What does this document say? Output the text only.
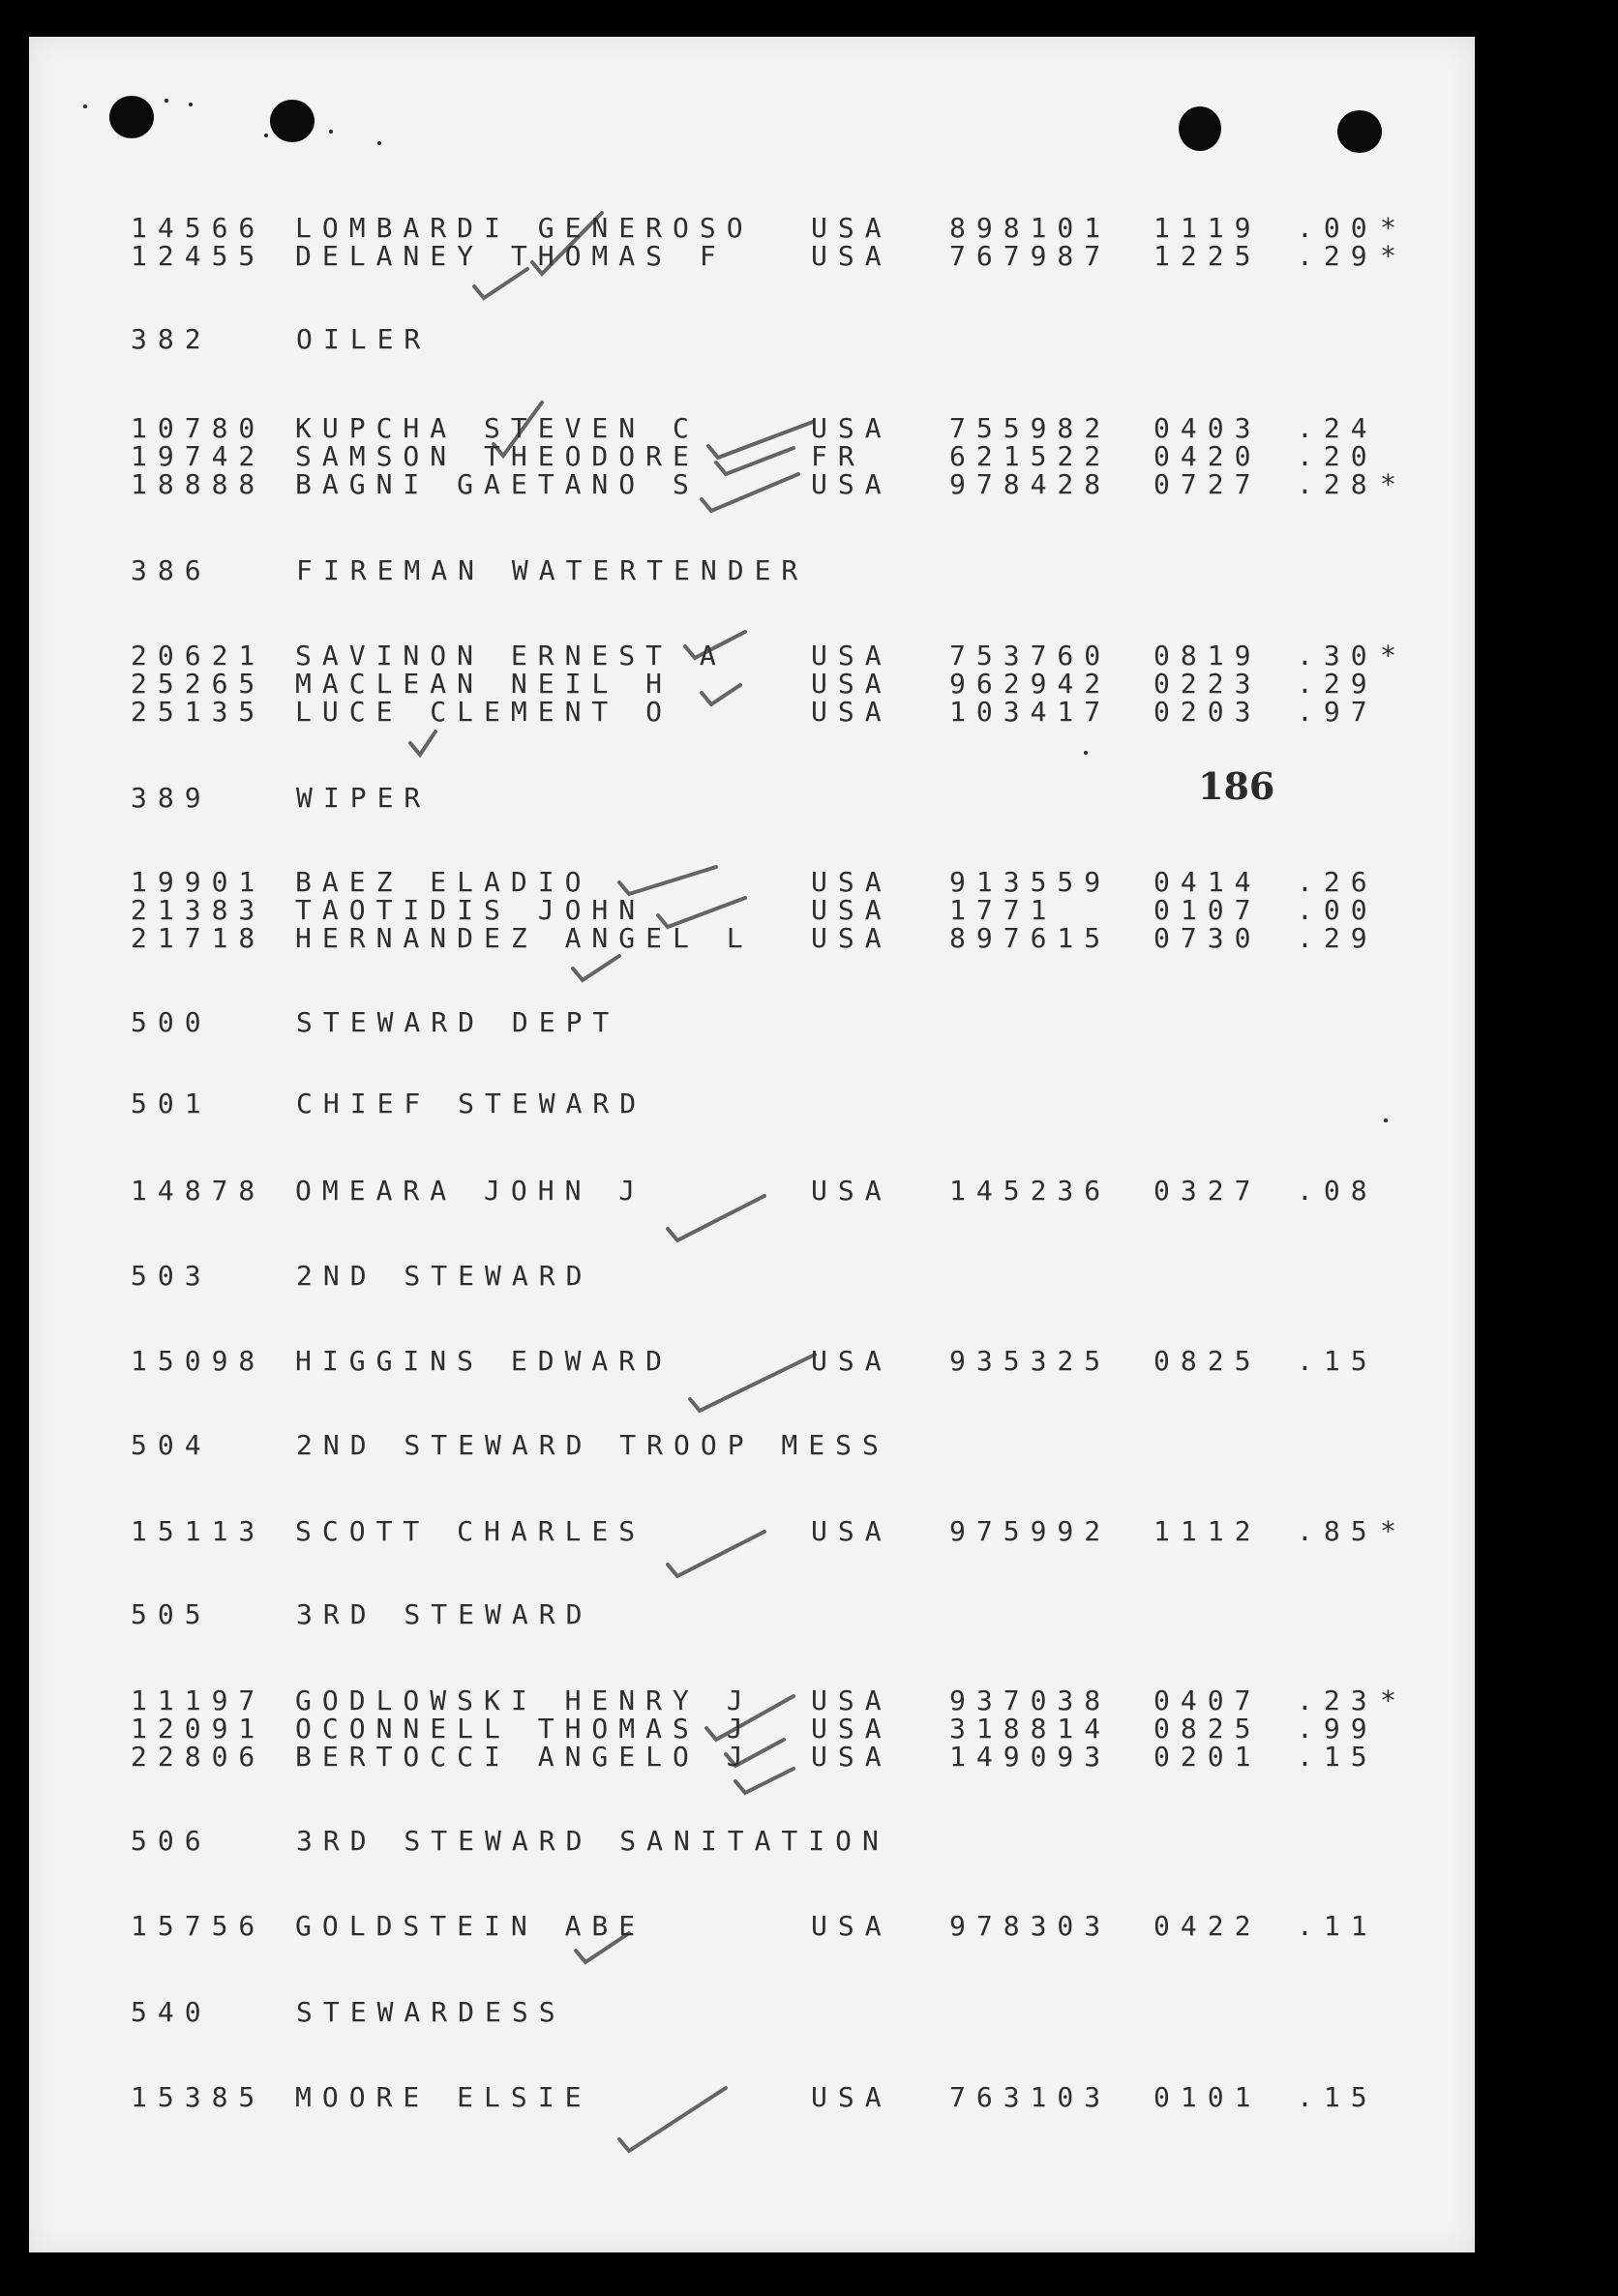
14566 LOMBARDI GENEROSO USA 898101 1119 .00 *
12455 DELANEY THOMAS F	USA 767987 1225 .29 *
382	OILER
10780 KUPCHA STEVEN C	USA 755982 0403 .24
19742 SAMSON THEODORE	FR	621522 0420 .20
18888 BAGNI GAETANO S	USA 978428 0727 .28 *
386	FIREMAN WATERTENDER
20621 SAVINON ERNEST A	USA 753760 0819 .30 *
25265 MACLEAN NEIL H	USA 962942 0223 .29
25135 LUCE CLEMENT O	USA 103417 0203 .97
389	WIPER
19901 BAEZ ELADIO	USA 913559 0414 .26
21383 TAOTIDIS JOHN	USA 1771	0107 .00
21718 HERNANDEZ ANGEL L USA 897615 0730 .29
500	STEWARD DEPT
501	CHIEF STEWARD
14878 OMEARA JOHN J	USA 145236 0327 .08
503	2ND STEWARD
15098 HIGGINS EDWARD	USA 935325 0825 .15
504	2ND STEWARD TROOP MESS
15113 SCOTT CHARLES	USA 975992 1112 .85 *
505	3RD STEWARD
11197 GODLOWSKI HENRY J USA 937038 0407 .23 *
12091 OCONNELL THOMAS J USA 318814 0825 .99
22806 BERTOCCI ANGELO J USA 149093 0201 .15
506	3RD STEWARD SANITATION
15756 GOLDSTEIN ABE	USA 978303 0422 .11
540	STEWARDESS
15385 MOORE ELSIE	USA 763103 0101 .15
186
